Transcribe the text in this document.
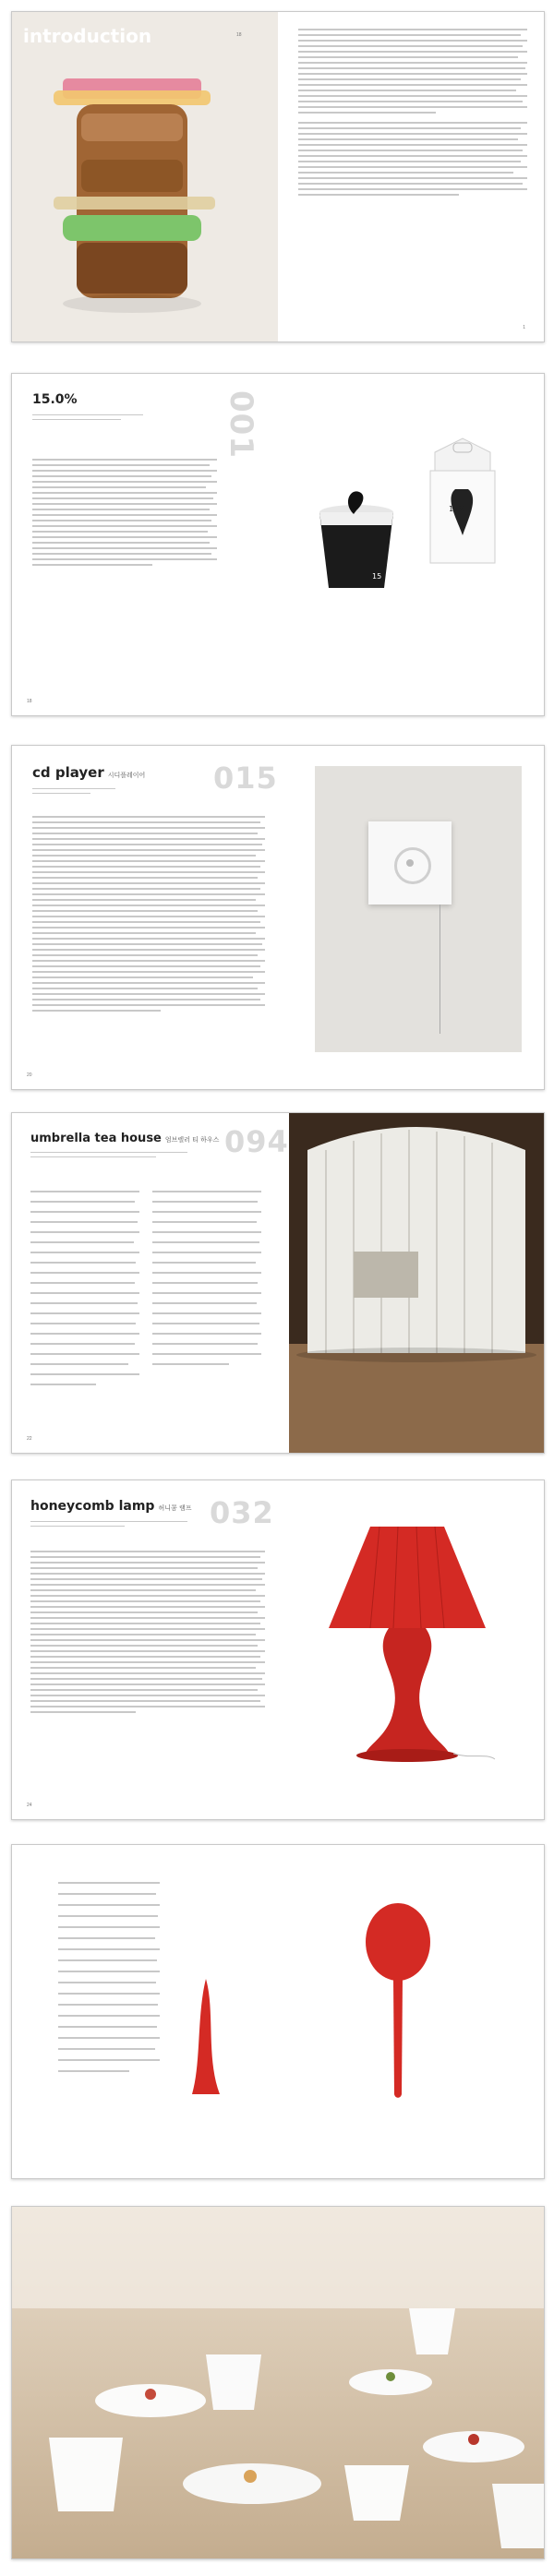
introduction	18
1
15.0%	001
18
15
15%
cd player 시디플레이어 015
20
umbrella tea house 엄브렐러 티 하우스 094
22
honeycomb lamp 허니콤 램프 032
24
